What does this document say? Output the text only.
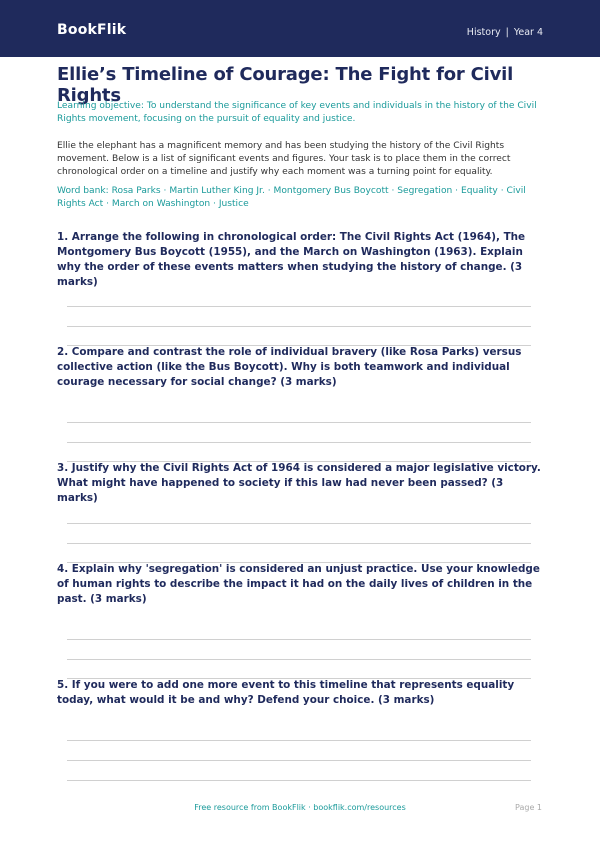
BookFlik	History | Year 4
Ellie’s Timeline of Courage: The Fight for Civil Rights
Learning objective: To understand the significance of key events and individuals in the history of the Civil Rights movement, focusing on the pursuit of equality and justice.
Ellie the elephant has a magnificent memory and has been studying the history of the Civil Rights movement. Below is a list of significant events and figures. Your task is to place them in the correct chronological order on a timeline and justify why each moment was a turning point for equality.
Word bank: Rosa Parks · Martin Luther King Jr. · Montgomery Bus Boycott · Segregation · Equality · Civil Rights Act · March on Washington · Justice
1. Arrange the following in chronological order: The Civil Rights Act (1964), The Montgomery Bus Boycott (1955), and the March on Washington (1963). Explain why the order of these events matters when studying the history of change. (3 marks)
2. Compare and contrast the role of individual bravery (like Rosa Parks) versus collective action (like the Bus Boycott). Why is both teamwork and individual courage necessary for social change? (3 marks)
3. Justify why the Civil Rights Act of 1964 is considered a major legislative victory. What might have happened to society if this law had never been passed? (3 marks)
4. Explain why 'segregation' is considered an unjust practice. Use your knowledge of human rights to describe the impact it had on the daily lives of children in the past. (3 marks)
5. If you were to add one more event to this timeline that represents equality today, what would it be and why? Defend your choice. (3 marks)
Free resource from BookFlik · bookflik.com/resources	Page 1
